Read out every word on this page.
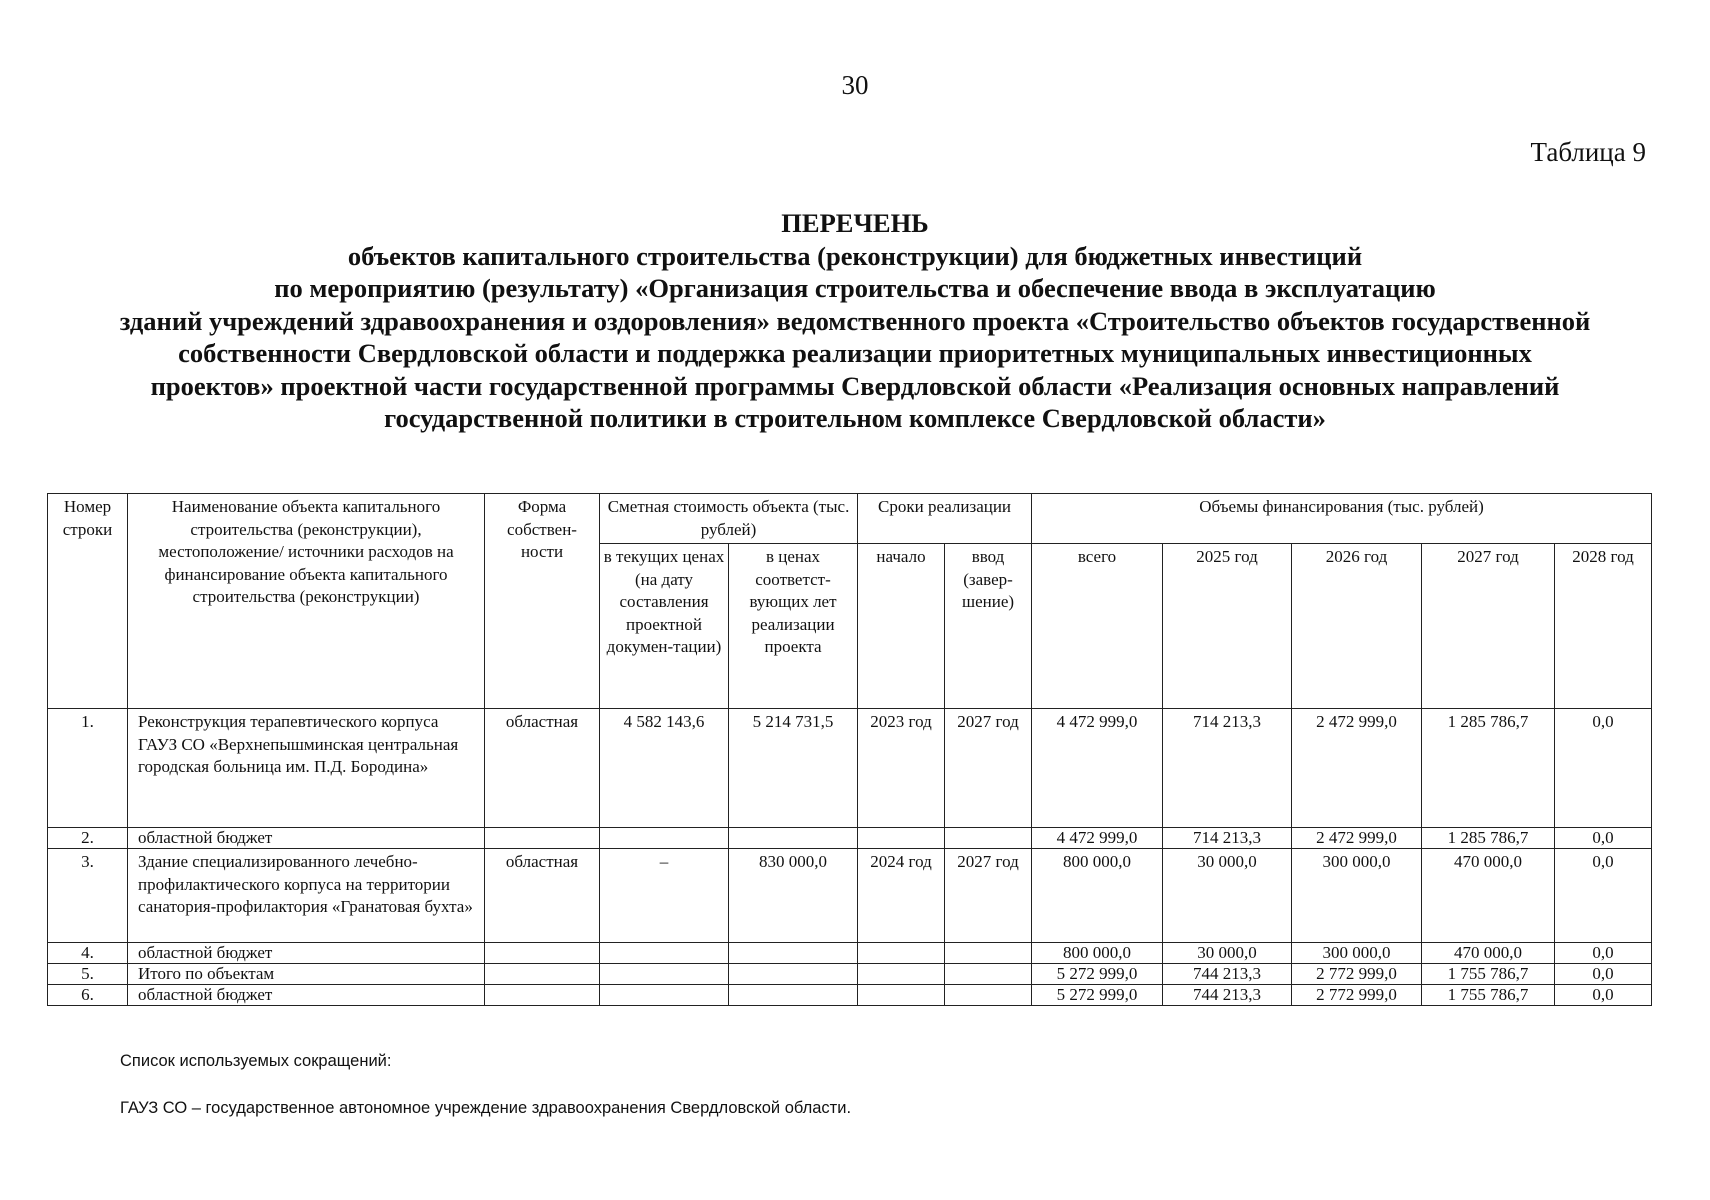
30
Таблица 9
ПЕРЕЧЕНЬ
объектов капитального строительства (реконструкции) для бюджетных инвестиций
по мероприятию (результату) «Организация строительства и обеспечение ввода в эксплуатацию
зданий учреждений здравоохранения и оздоровления» ведомственного проекта «Строительство объектов государственной
собственности Свердловской области и поддержка реализации приоритетных муниципальных инвестиционных
проектов» проектной части государственной программы Свердловской области «Реализация основных направлений
государственной политики в строительном комплексе Свердловской области»
Номер строки	Наименование объекта капитального строительства (реконструкции), местоположение/ источники расходов на финансирование объекта капитального строительства (реконструкции)	Форма собствен-ности	Сметная стоимость объекта (тыс. рублей)		Сроки реализации		Объемы финансирования (тыс. рублей)				
			в текущих ценах (на дату составления проектной докумен-тации)	в ценах соответст-вующих лет реализации проекта	начало	ввод (завер-шение)	всего	2025 год	2026 год	2027 год	2028 год
1.	Реконструкция терапевтического корпуса ГАУЗ СО «Верхнепышминская центральная городская больница им. П.Д. Бородина»	областная	4 582 143,6	5 214 731,5	2023 год	2027 год	4 472 999,0	714 213,3	2 472 999,0	1 285 786,7	0,0
2.	областной бюджет						4 472 999,0	714 213,3	2 472 999,0	1 285 786,7	0,0
3.	Здание специализированного лечебно-профилактического корпуса на территории санатория-профилактория «Гранатовая бухта»	областная	–	830 000,0	2024 год	2027 год	800 000,0	30 000,0	300 000,0	470 000,0	0,0
4.	областной бюджет						800 000,0	30 000,0	300 000,0	470 000,0	0,0
5.	Итого по объектам						5 272 999,0	744 213,3	2 772 999,0	1 755 786,7	0,0
6.	областной бюджет						5 272 999,0	744 213,3	2 772 999,0	1 755 786,7	0,0
Список используемых сокращений:
ГАУЗ СО – государственное автономное учреждение здравоохранения Свердловской области.
